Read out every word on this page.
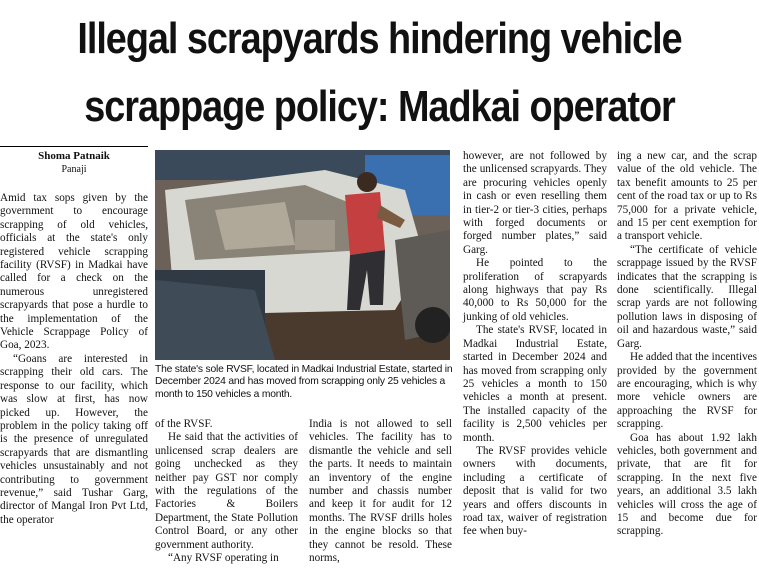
Illegal scrapyards hindering vehicle
scrappage policy: Madkai operator
Shoma Patnaik
Panaji

Amid tax sops given by the government to encourage scrapping of old vehicles, officials at the state's only registered vehicle scrapping facility (RVSF) in Madkai have called for a check on the numerous unregistered scrapyards that pose a hurdle to the implementation of the Vehicle Scrappage Policy of Goa, 2023.

“Goans are interested in scrapping their old cars. The response to our facility, which was slow at first, has now picked up. However, the problem in the policy taking off is the presence of unregulated scrapyards that are dismantling vehicles unsustainably and not contributing to government revenue,” said Tushar Garg, director of Mangal Iron Pvt Ltd, the operator

The state's sole RVSF, located in Madkai Industrial Estate, started in December 2024 and has moved from scrapping only 25 vehicles a month to 150 vehicles a month.

of the RVSF.

He said that the activities of unlicensed scrap dealers are going unchecked as they neither pay GST nor comply with the regulations of the Factories & Boilers Department, the State Pollution Control Board, or any other government authority.

“Any RVSF operating in

India is not allowed to sell vehicles. The facility has to dismantle the vehicle and sell the parts. It needs to maintain an inventory of the engine number and chassis number and keep it for audit for 12 months. The RVSF drills holes in the engine blocks so that they cannot be resold. These norms,

however, are not followed by the unlicensed scrapyards. They are procuring vehicles openly in cash or even reselling them in tier-2 or tier-3 cities, perhaps with forged documents or forged number plates,” said Garg.

He pointed to the proliferation of scrapyards along highways that pay Rs 40,000 to Rs 50,000 for the junking of old vehicles.

The state's RVSF, located in Madkai Industrial Estate, started in December 2024 and has moved from scrapping only 25 vehicles a month to 150 vehicles a month at present. The installed capacity of the facility is 2,500 vehicles per month.

The RVSF provides vehicle owners with documents, including a certificate of deposit that is valid for two years and offers discounts in road tax, waiver of registration fee when buy-

ing a new car, and the scrap value of the old vehicle. The tax benefit amounts to 25 per cent of the road tax or up to Rs 75,000 for a private vehicle, and 15 per cent exemption for a transport vehicle.

“The certificate of vehicle scrappage issued by the RVSF indicates that the scrapping is done scientifically. Illegal scrap yards are not following pollution laws in disposing of oil and hazardous waste,” said Garg.

He added that the incentives provided by the government are encouraging, which is why more vehicle owners are approaching the RVSF for scrapping.

Goa has about 1.92 lakh vehicles, both government and private, that are fit for scrapping. In the next five years, an additional 3.5 lakh vehicles will cross the age of 15 and become due for scrapping.
